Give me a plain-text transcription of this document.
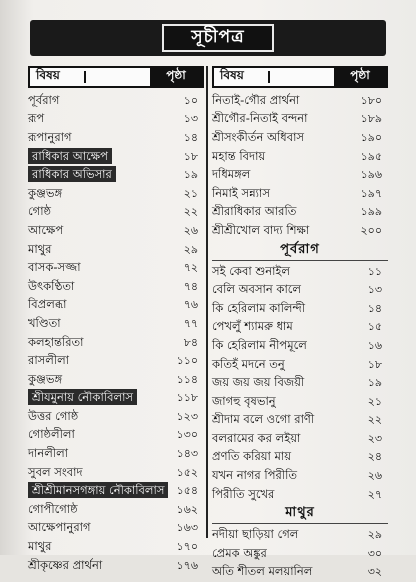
সূচীপত্র
বিষয়	পৃষ্ঠা
পূর্বরাগ	১০
রূপ	১৩
রূপানুরাগ	১৪
রাধিকার আক্ষেপ	১৮
রাধিকার অভিসার	১৯
কুঞ্জভঙ্গ	২১
গোষ্ঠ	২২
আক্ষেপ	২৬
মাথুর	২৯
বাসক-সজ্জা	৭২
উৎকণ্ঠিতা	৭৪
বিপ্রলব্ধা	৭৬
খণ্ডিতা	৭৭
কলহান্তরিতা	৮৪
রাসলীলা	১১০
কুঞ্জভঙ্গ	১১৪
শ্রীযমুনায় নৌকাবিলাস	১১৮
উত্তর গোষ্ঠ	১২৩
গোষ্ঠলীলা	১৩০
দানলীলা	১৪৩
সুবল সংবাদ	১৫২
শ্রীশ্রীমানসগঙ্গায় নৌকাবিলাস	১৫৪
গোপীগোষ্ঠ	১৬২
আক্ষেপানুরাগ	১৬৩
মাথুর	১৭০
শ্রীকৃষ্ণের প্রার্থনা	১৭৬
বিষয়	পৃষ্ঠা
নিতাই-গৌর প্রার্থনা	১৮০
শ্রীগৌর-নিতাই বন্দনা	১৮৯
শ্রীসংকীর্তন অধিবাস	১৯০
মহান্ত বিদায়	১৯৫
দধিমঙ্গল	১৯৬
নিমাই সন্ন্যাস	১৯৭
শ্রীরাধিকার আরতি	১৯৯
শ্রীশ্রীখোল বাদ্য শিক্ষা	২০০
পূর্বরাগ
সই কেবা শুনাইল	১১
বেলি অবসান কালে	১৩
কি হেরিলাম কালিন্দী	১৪
পেখলুঁ শ্যামরু ধাম	১৫
কি হেরিলাম নীপমূলে	১৬
কতিহঁ মদনে তনু	১৮
জয় জয় জয় বিজয়ী	১৯
জাগহু বৃষভানু	২১
শ্রীদাম বলে ওগো রাণী	২২
বলরামের কর লইয়া	২৩
প্রণতি করিয়া মায়	২৪
যখন নাগর পিরীতি	২৬
পিরীতি সুখের	২৭
মাথুর
নদীয়া ছাড়িয়া গেল	২৯
প্রেমক অঙ্কুর	৩০
অতি শীতল মলয়ানিল	৩২
